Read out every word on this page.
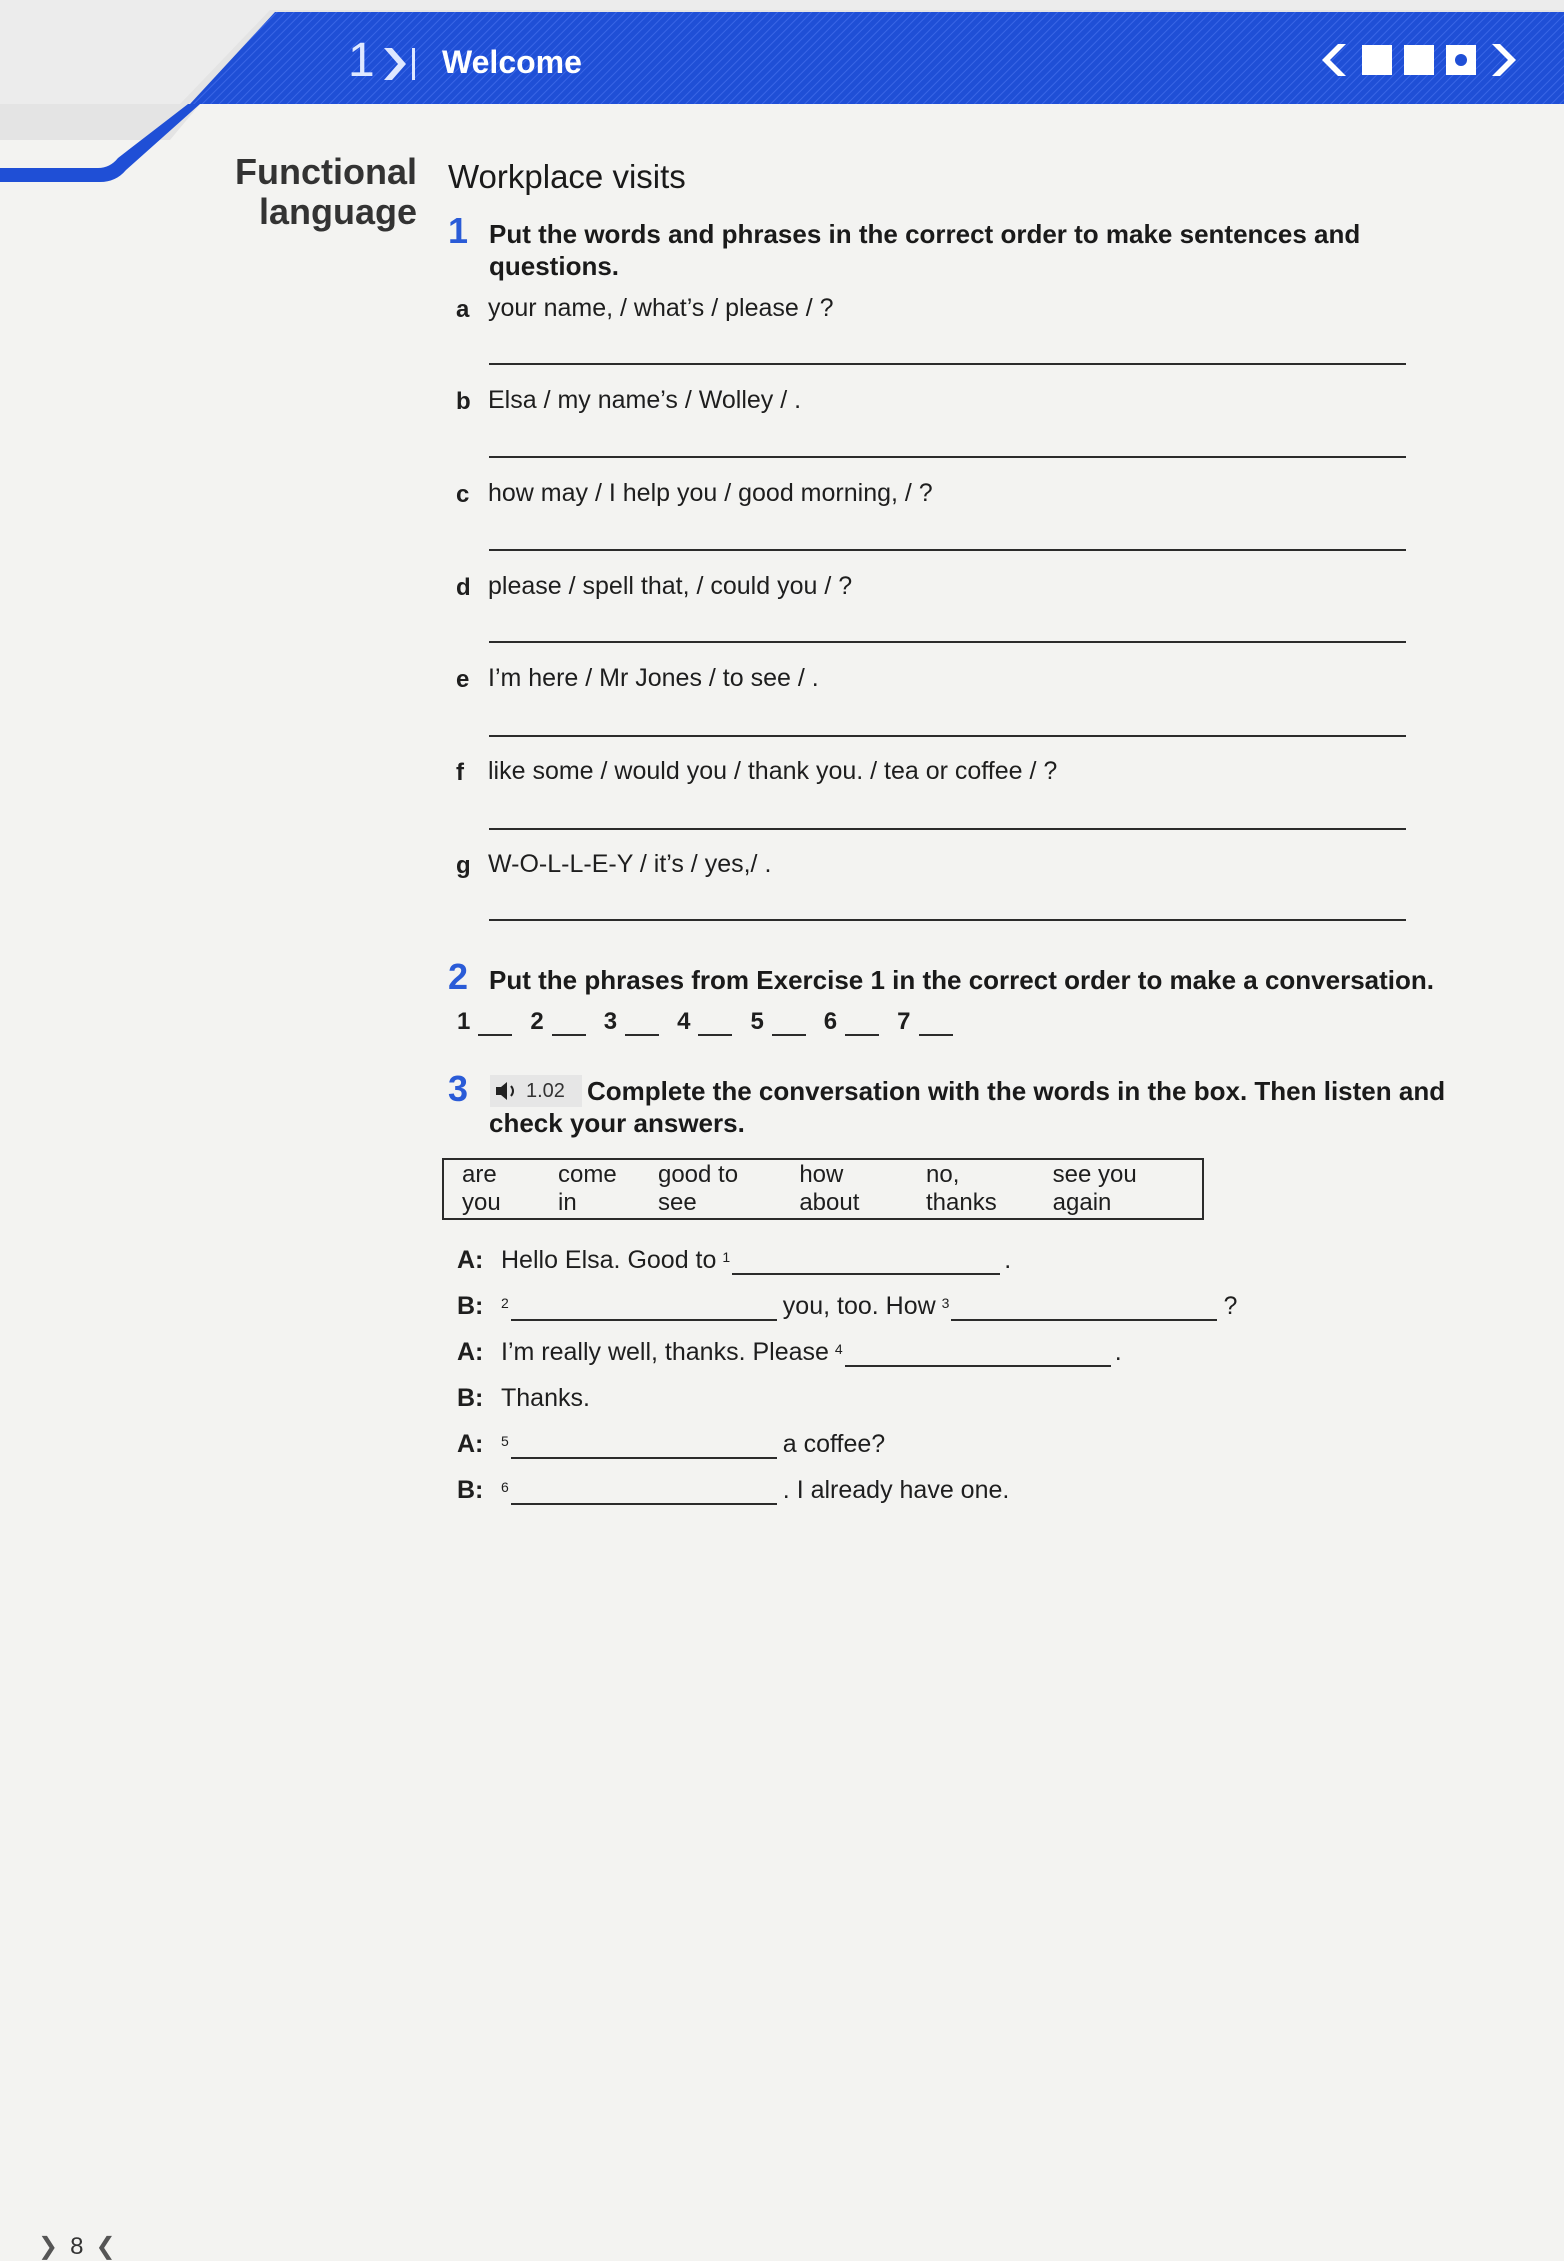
1 Welcome
Functional
language
Workplace visits
1 Put the words and phrases in the correct order to make sentences and
questions.
a your name, / what’s / please / ?
b Elsa / my name’s / Wolley / .
c how may / I help you / good morning, / ?
d please / spell that, / could you / ?
e I’m here / Mr Jones / to see / .
f like some / would you / thank you. / tea or coffee / ?
g W-O-L-L-E-Y / it’s / yes,/ .
2 Put the phrases from Exercise 1 in the correct order to make a conversation.
1	2	3	4	5	6	7
3	1.02 Complete the conversation with the words in the box. Then listen and
check your answers.
are you
come in
good to see
how about
no, thanks
see you again
A: Hello Elsa. Good to 1	.
B:	2	you, too. How 3	?
A: I’m really well, thanks. Please 4	.
B: Thanks.
A:	5	a coffee?
B:	6	. I already have one.
❯ 8 ❮
